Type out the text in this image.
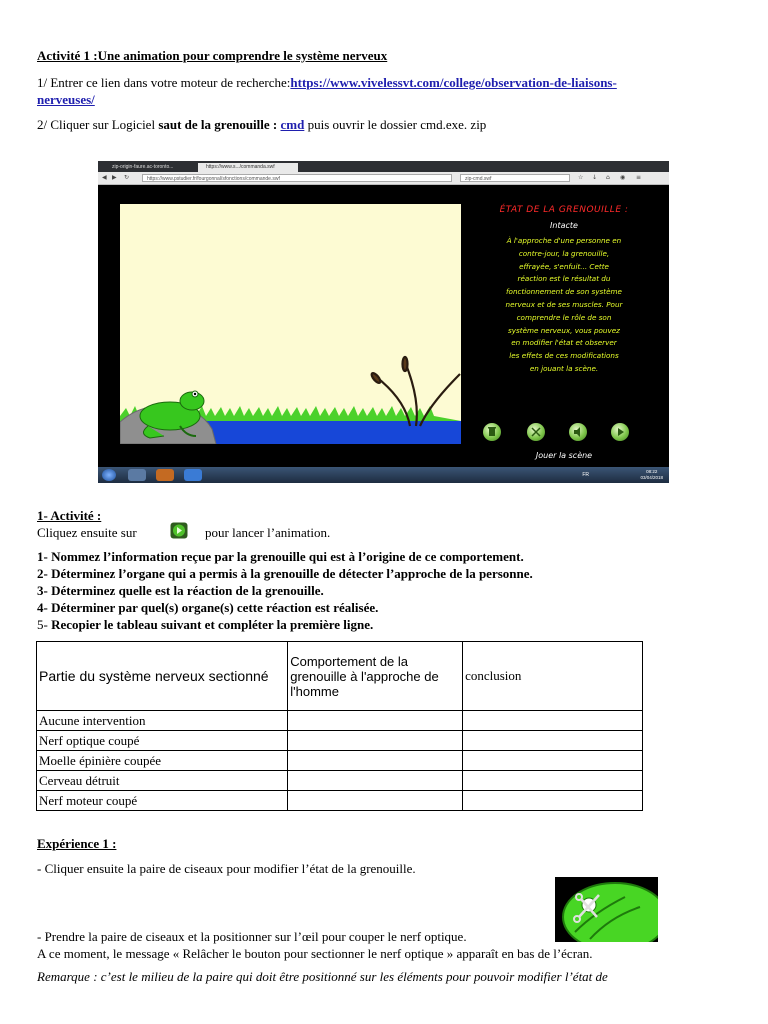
Activité 1 :Une animation pour comprendre le système nerveux
1/ Entrer ce lien dans votre moteur de recherche:https://www.vivelessvt.com/college/observation-de-liaisons-
nerveuses/
2/ Cliquer sur Logiciel saut de la grenouille : cmd puis ouvrir le dossier cmd.exe. zip
zip-origin-faure.ac-toronto...	https://www.s.../commanda.swf
◀ ▶ ↻	https://www.pstudier.fr/fourgonnal/sfonctions/commande.swf	zip-cmd.swf	☆ ↓ ⌂ ◉ ≡
ÉTAT DE LA GRENOUILLE :
Intacte
À l'approche d'une personne en
contre-jour, la grenouille,
effrayée, s'enfuit... Cette
réaction est le résultat du
fonctionnement de son système
nerveux et de ses muscles. Pour
comprendre le rôle de son
système nerveux, vous pouvez
en modifier l'état et observer
les effets de ces modifications
en jouant la scène.
Jouer la scène
FR
08:22
03/04/2018
1- Activité :
Cliquez ensuite sur	pour lancer l’animation.
1- Nommez l’information reçue par la grenouille qui est à l’origine de ce comportement.
2- Déterminez l’organe qui a permis à la grenouille de détecter l’approche de la personne.
3- Déterminez quelle est la réaction de la grenouille.
4- Déterminer par quel(s) organe(s) cette réaction est réalisée.
5- Recopier le tableau suivant et compléter la première ligne.
Partie du système nerveux sectionné	Comportement de la grenouille à l'approche de l'homme	conclusion
Aucune intervention		
Nerf optique coupé		
Moelle épinière coupée		
Cerveau détruit		
Nerf moteur coupé		
Expérience 1 :
- Cliquer ensuite la paire de ciseaux pour modifier l’état de la grenouille.
- Prendre la paire de ciseaux et la positionner sur l’œil pour couper le nerf optique.
A ce moment, le message « Relâcher le bouton pour sectionner le nerf optique » apparaît en bas de l’écran.
Remarque : c’est le milieu de la paire qui doit être positionné sur les éléments pour pouvoir modifier l’état de
